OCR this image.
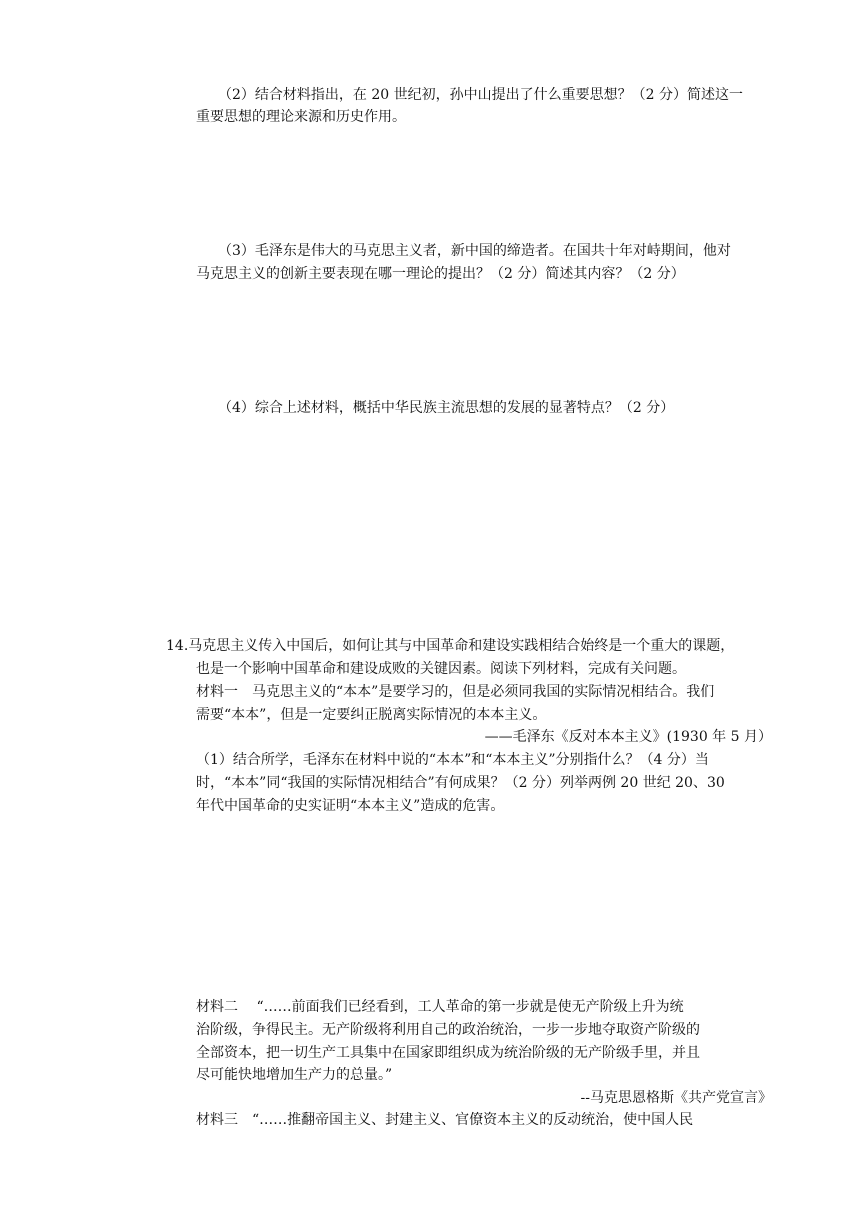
（2）结合材料指出，在 20 世纪初，孙中山提出了什么重要思想？（2 分）简述这一
重要思想的理论来源和历史作用。
（3）毛泽东是伟大的马克思主义者，新中国的缔造者。在国共十年对峙期间，他对
马克思主义的创新主要表现在哪一理论的提出？（2 分）简述其内容？（2 分）
（4）综合上述材料，概括中华民族主流思想的发展的显著特点？（2 分）
14.马克思主义传入中国后，如何让其与中国革命和建设实践相结合始终是一个重大的课题，
也是一个影响中国革命和建设成败的关键因素。阅读下列材料，完成有关问题。
材料一　马克思主义的“本本”是要学习的，但是必须同我国的实际情况相结合。我们
需要“本本”，但是一定要纠正脱离实际情况的本本主义。
——毛泽东《反对本本主义》(1930 年 5 月）
（1）结合所学，毛泽东在材料中说的“本本”和“本本主义”分别指什么？（4 分）当
时，“本本”同“我国的实际情况相结合”有何成果？（2 分）列举两例 20 世纪 20、30
年代中国革命的史实证明“本本主义”造成的危害。
材料二　 “……前面我们已经看到，工人革命的第一步就是使无产阶级上升为统
治阶级，争得民主。无产阶级将利用自己的政治统治，一步一步地夺取资产阶级的
全部资本，把一切生产工具集中在国家即组织成为统治阶级的无产阶级手里，并且
尽可能快地增加生产力的总量。”
--马克思恩格斯《共产党宣言》
材料三　“……推翻帝国主义、封建主义、官僚资本主义的反动统治，使中国人民
